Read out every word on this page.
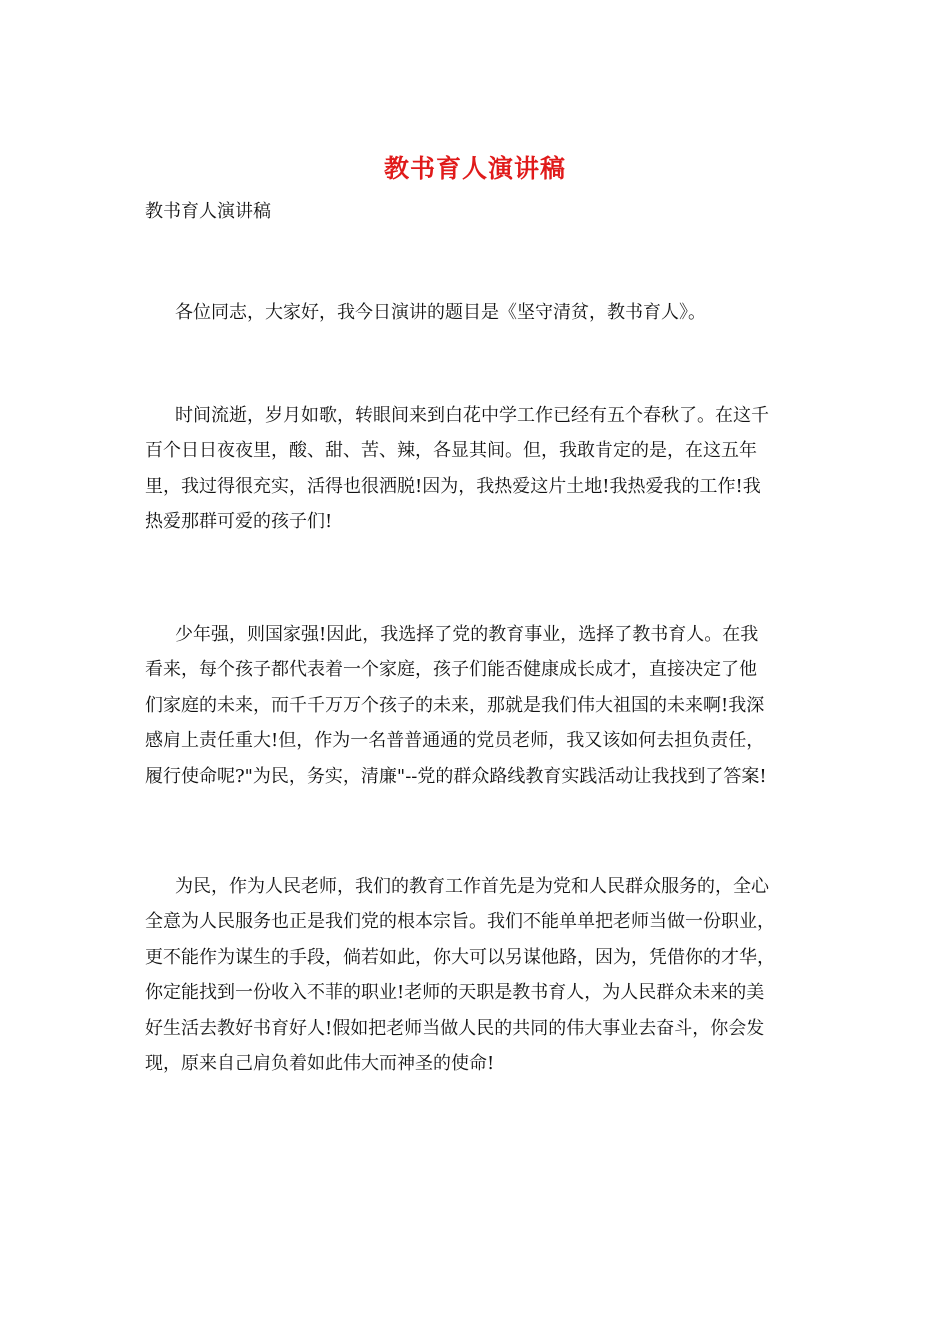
教书育人演讲稿
教书育人演讲稿
各位同志，大家好，我今日演讲的题目是《坚守清贫，教书育人》。
时间流逝，岁月如歌，转眼间来到白花中学工作已经有五个春秋了。在这千
百个日日夜夜里，酸、甜、苦、辣，各显其间。但，我敢肯定的是，在这五年
里，我过得很充实，活得也很洒脱!因为，我热爱这片土地!我热爱我的工作!我
热爱那群可爱的孩子们!
少年强，则国家强!因此，我选择了党的教育事业，选择了教书育人。在我
看来，每个孩子都代表着一个家庭，孩子们能否健康成长成才，直接决定了他
们家庭的未来，而千千万万个孩子的未来，那就是我们伟大祖国的未来啊!我深
感肩上责任重大!但，作为一名普普通通的党员老师，我又该如何去担负责任，
履行使命呢?"为民，务实，清廉"--党的群众路线教育实践活动让我找到了答案!
为民，作为人民老师，我们的教育工作首先是为党和人民群众服务的，全心
全意为人民服务也正是我们党的根本宗旨。我们不能单单把老师当做一份职业，
更不能作为谋生的手段，倘若如此，你大可以另谋他路，因为，凭借你的才华，
你定能找到一份收入不菲的职业!老师的天职是教书育人，为人民群众未来的美
好生活去教好书育好人!假如把老师当做人民的共同的伟大事业去奋斗，你会发
现，原来自己肩负着如此伟大而神圣的使命!
